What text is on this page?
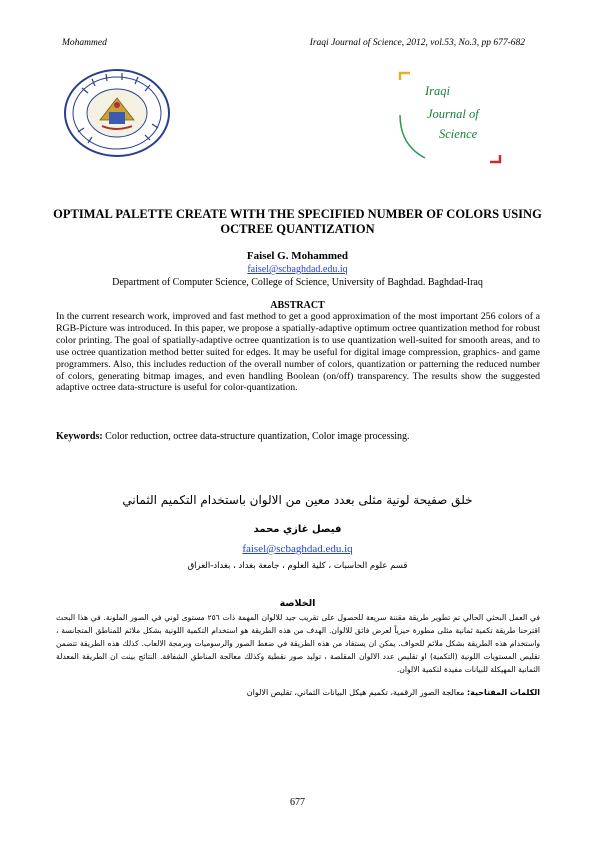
Mohammed	Iraqi Journal of Science, 2012, vol.53, No.3, pp 677-682
Iraqi
Journal of
Science
OPTIMAL PALETTE CREATE WITH THE SPECIFIED NUMBER OF COLORS USING OCTREE QUANTIZATION
Faisel G. Mohammed
faisel@scbaghdad.edu.iq
Department of Computer Science, College of Science, University of Baghdad. Baghdad-Iraq
ABSTRACT
In the current research work, improved and fast method to get a good approximation of the most important 256 colors of a RGB-Picture was introduced. In this paper, we propose a spatially-adaptive optimum octree quantization method for robust color printing. The goal of spatially-adaptive octree quantization is to use quantization well-suited for smooth areas, and to use octree quantization method better suited for edges. It may be useful for digital image compression, graphics- and game programmers. Also, this includes reduction of the overall number of colors, quantization or patterning the reduced number of colors, generating bitmap images, and even handling Boolean (on/off) transparency. The results show the suggested adaptive octree data-structure is useful for color-quantization.
Keywords: Color reduction, octree data-structure quantization, Color image processing.
خلق صفيحة لونية مثلى بعدد معين من الالوان باستخدام التكميم الثماني
فيصل غازي محمد
faisel@scbaghdad.edu.iq
قسم علوم الحاسبات ، كلية العلوم ، جامعة بغداد ، بغداد-العراق
الخلاصة
في العمل البحثي الحالي تم تطوير طريقة مقننة سريعة للحصول على تقريب جيد للالوان المهمة ذات ٢٥٦ مستوى لوني في الصور الملونة. في هذا البحث اقترحنا طريقة تكمية ثمانية مثلى مطورة حيزياً لعرض فائق للالوان. الهدف من هذه الطريقة هو استخدام التكمية اللونية بشكل ملائم للمناطق المتجانسة ، واستخدام هذه الطريقة بشكل ملائم للحواف. يمكن ان يستفاد من هذه الطريقة في ضغط الصور والرسوميات وبرمجة الالعاب. كذلك هذه الطريقة تتضمن تقليص المستويات اللونية (التكمية) او تقليص عدد الالوان المقلصة ، توليد صور نقطية وكذلك معالجة المناطق الشفافة. النتائج بينت ان الطريقة المعدلة الثمانية المهيكلة للبيانات مفيدة لتكمية الالوان.
الكلمات المفتاحية: معالجة الصور الرقمية، تكميم هيكل البيانات الثماني، تقليص الالوان
677
